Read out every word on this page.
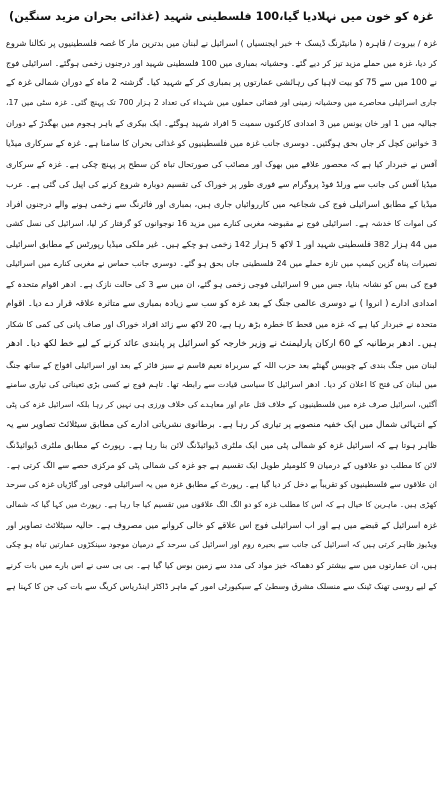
غزہ کو خون میں نہلادیا گیا،100 فلسطینی شہید (غذائی بحران مزید سنگین)
غزہ / بیروت / قاہرہ ( مانیٹرنگ ڈیسک + خبر ایجنسیاں ) اسرائیل نے لبنان میں بدترین مار کا غصہ فلسطینیوں پر نکالنا شروع
کر دیا، غزہ میں حملے مزید تیز کر دیے گئے۔ وحشیانہ بمباری میں 100 فلسطینی شہید اور درجنوں زخمی ہوگئے۔ اسرائیلی فوج
نے 100 میں سے 75 کو بیت لاہیا کی رہائشی عمارتوں پر بمباری کر کے شہید کیا۔ گزشتہ 2 ماہ کے دوران شمالی غزہ کے
جاری اسرائیلی محاصرے میں وحشیانہ زمینی اور فضائی حملوں میں شہداء کی تعداد 2 ہزار 700 تک پہنچ گئی۔ غزہ سٹی میں 17،
جبالیہ میں 1 اور خان یونس میں 3 امدادی کارکنوں سمیت 5 افراد شہید ہوگئے۔ ایک بیکری کے باہر ہجوم میں بھگدڑ کے دوران
3 خواتین کچل کر جاں بحق ہوگئیں۔ دوسری جانب غزہ میں فلسطینیوں کو غذائی بحران کا سامنا ہے۔ غزہ کے سرکاری میڈیا
آفس نے خبردار کیا ہے کہ محصور علاقے میں بھوک اور مصائب کی صورتحال تباہ کن سطح پر پہنچ چکی ہے۔ غزہ کے سرکاری
میڈیا آفس کی جانب سے ورلڈ فوڈ پروگرام سے فوری طور پر خوراک کی تقسیم دوبارہ شروع کرنے کی اپیل کی گئی ہے۔ عرب
میڈیا کے مطابق اسرائیلی فوج کی شجاعیہ میں کارروائیاں جاری ہیں، بمباری اور فائرنگ سے زخمی ہونے والے درجنوں افراد
کی اموات کا خدشہ ہے۔ اسرائیلی فوج نے مقبوضہ مغربی کنارے میں مزید 16 نوجوانوں کو گرفتار کر لیا، اسرائیل کی نسل کشی
میں 44 ہزار 382 فلسطینی شہید اور 1 لاکھ 5 ہزار 142 زخمی ہو چکے ہیں۔ غیر ملکی میڈیا رپورٹس کے مطابق اسرائیلی
نصیرات پناہ گزین کیمپ میں تازہ حملے میں 24 فلسطینی جاں بحق ہو گئے۔ دوسری جانب حماس نے مغربی کنارے میں اسرائیلی
فوج کی بس کو نشانہ بنایا، جس میں 9 اسرائیلی فوجی زخمی ہو گئے، ان میں سے 3 کی حالت نازک ہے۔ ادھر اقوام متحدہ کے
امدادی ادارے ( انروا ) نے دوسری عالمی جنگ کے بعد غزہ کو سب سے زیادہ بمباری سے متاثرہ علاقہ قرار دے دیا۔ اقوام
متحدہ نے خبردار کیا ہے کہ غزہ میں قحط کا خطرہ بڑھ رہا ہے، 20 لاکھ سے زائد افراد خوراک اور صاف پانی کی کمی کا شکار
ہیں۔ ادھر برطانیہ کے 60 ارکان پارلیمنٹ نے وزیر خارجہ کو اسرائیل پر پابندی عائد کرنے کے لیے خط لکھ دیا۔ ادھر
لبنان میں جنگ بندی کے چوبیس گھنٹے بعد حزب اللہ کے سربراہ نعیم قاسم نے سیز فائر کے بعد اور اسرائیلی افواج کے ساتھ جنگ
میں لبنان کی فتح کا اعلان کر دیا۔ ادھر اسرائیل کا سیاسی قیادت سے رابطہ تھا۔ تاہم فوج نے کسی بڑی تعیناتی کی تیاری سامنے
آگئیں، اسرائیل صرف غزہ میں فلسطینیوں کے خلاف قتل عام اور معاہدے کی خلاف ورزی ہی نہیں کر رہا بلکہ اسرائیل غزہ کی پٹی
کے انتہائی شمال میں ایک خفیہ منصوبے پر تیاری کر رہا ہے۔ برطانوی نشریاتی ادارے کی مطابق سیٹلائٹ تصاویر سے یہ
ظاہر ہوتا ہے کہ اسرائیل غزہ کو شمالی پٹی میں ایک ملٹری ڈیوائیڈنگ لائن بنا رہا ہے۔ رپورٹ کے مطابق ملٹری ڈیوائیڈنگ
لائن کا مطلب دو علاقوں کے درمیان 9 کلومیٹر طویل ایک تقسیم ہے جو غزہ کی شمالی پٹی کو مرکزی حصے سے الگ کرتی ہے۔
ان علاقوں سے فلسطینیوں کو تقریباً بے دخل کر دیا گیا ہے۔ رپورٹ کے مطابق غزہ میں یہ اسرائیلی فوجی اور گاڑیاں غزہ کی سرحد
کھڑی ہیں۔ ماہرین کا خیال ہے کہ اس کا مطلب غزہ کو دو الگ الگ علاقوں میں تقسیم کیا جا رہا ہے۔ رپورٹ میں کہا گیا کہ شمالی
غزہ اسرائیل کے قبضے میں ہے اور اب اسرائیلی فوج اس علاقے کو خالی کروانے میں مصروف ہے۔ حالیہ سیٹلائٹ تصاویر اور
ویڈیوز ظاہر کرتی ہیں کہ اسرائیل کی جانب سے بحیرہ روم اور اسرائیل کی سرحد کے درمیان موجود سینکڑوں عمارتیں تباہ ہو چکی
ہیں، ان عمارتوں میں سے بیشتر کو دھماکہ خیز مواد کی مدد سے زمین بوس کیا گیا ہے۔ بی بی سی نے اس بارے میں بات کرنے
کے لیے روسی تھنک ٹینک سے منسلک مشرق وسطیٰ کے سیکیورٹی امور کے ماہر ڈاکٹر اینڈریاس کریگ سے بات کی جن کا کہنا ہے
